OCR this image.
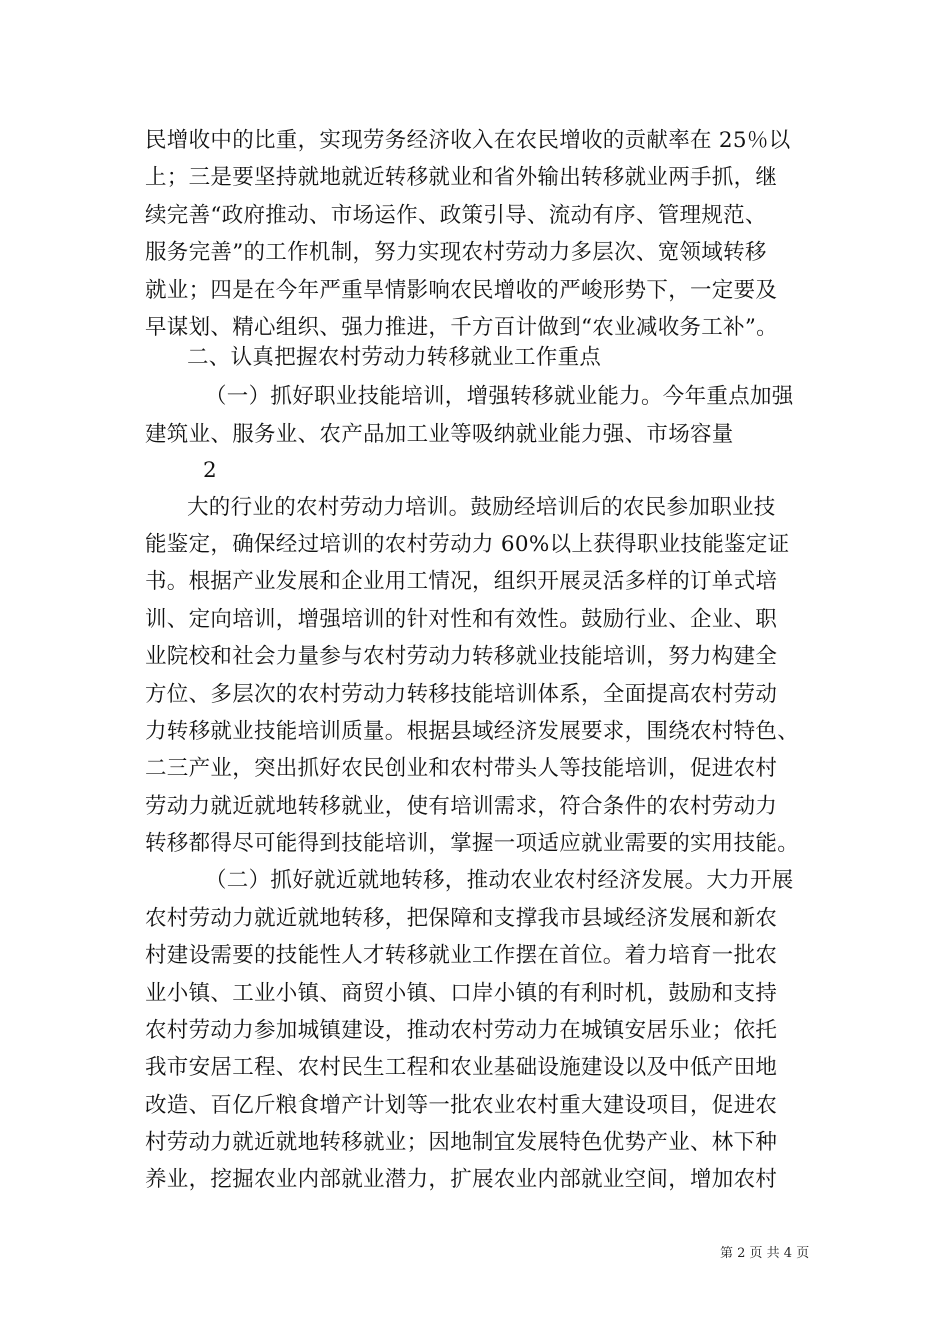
民增收中的比重，实现劳务经济收入在农民增收的贡献率在 25％以
上；三是要坚持就地就近转移就业和省外输出转移就业两手抓，继
续完善“政府推动、市场运作、政策引导、流动有序、管理规范、
服务完善”的工作机制，努力实现农村劳动力多层次、宽领域转移
就业；四是在今年严重旱情影响农民增收的严峻形势下，一定要及
早谋划、精心组织、强力推进，千方百计做到“农业减收务工补”。
二、认真把握农村劳动力转移就业工作重点
（一）抓好职业技能培训，增强转移就业能力。今年重点加强
建筑业、服务业、农产品加工业等吸纳就业能力强、市场容量
2
大的行业的农村劳动力培训。鼓励经培训后的农民参加职业技
能鉴定，确保经过培训的农村劳动力 60%以上获得职业技能鉴定证
书。根据产业发展和企业用工情况，组织开展灵活多样的订单式培
训、定向培训，增强培训的针对性和有效性。鼓励行业、企业、职
业院校和社会力量参与农村劳动力转移就业技能培训，努力构建全
方位、多层次的农村劳动力转移技能培训体系，全面提高农村劳动
力转移就业技能培训质量。根据县域经济发展要求，围绕农村特色、
二三产业，突出抓好农民创业和农村带头人等技能培训，促进农村
劳动力就近就地转移就业，使有培训需求，符合条件的农村劳动力
转移都得尽可能得到技能培训，掌握一项适应就业需要的实用技能。
（二）抓好就近就地转移，推动农业农村经济发展。大力开展
农村劳动力就近就地转移，把保障和支撑我市县域经济发展和新农
村建设需要的技能性人才转移就业工作摆在首位。着力培育一批农
业小镇、工业小镇、商贸小镇、口岸小镇的有利时机，鼓励和支持
农村劳动力参加城镇建设，推动农村劳动力在城镇安居乐业；依托
我市安居工程、农村民生工程和农业基础设施建设以及中低产田地
改造、百亿斤粮食增产计划等一批农业农村重大建设项目，促进农
村劳动力就近就地转移就业；因地制宜发展特色优势产业、林下种
养业，挖掘农业内部就业潜力，扩展农业内部就业空间，增加农村
第 2 页 共 4 页
